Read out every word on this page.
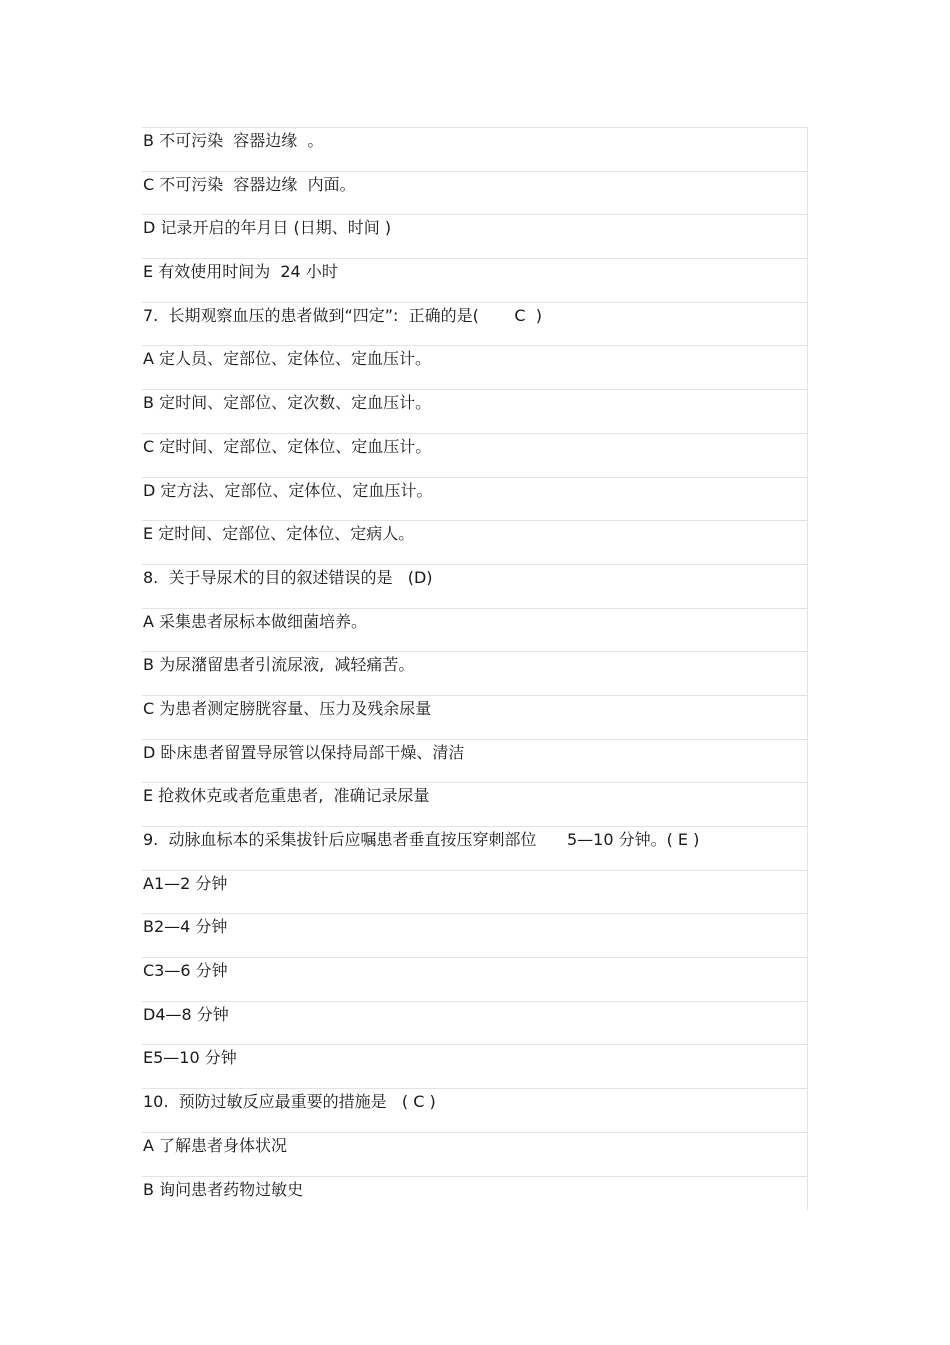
B 不可污染  容器边缘  。
C 不可污染  容器边缘  内面。
D 记录开启的年月日 (日期、时间 )
E 有效使用时间为  24 小时
7.  长期观察血压的患者做到“四定”:  正确的是(       C  )
A 定人员、定部位、定体位、定血压计。
B 定时间、定部位、定次数、定血压计。
C 定时间、定部位、定体位、定血压计。
D 定方法、定部位、定体位、定血压计。
E 定时间、定部位、定体位、定病人。
8.  关于导尿术的目的叙述错误的是   (D)
A 采集患者尿标本做细菌培养。
B 为尿潴留患者引流尿液,  减轻痛苦。
C 为患者测定膀胱容量、压力及残余尿量
D 卧床患者留置导尿管以保持局部干燥、清洁
E 抢救休克或者危重患者,  准确记录尿量
9.  动脉血标本的采集拔针后应嘱患者垂直按压穿刺部位      5—10 分钟。( E )
A1—2 分钟
B2—4 分钟
C3—6 分钟
D4—8 分钟
E5—10 分钟
10.  预防过敏反应最重要的措施是   ( C )
A 了解患者身体状况
B 询问患者药物过敏史
